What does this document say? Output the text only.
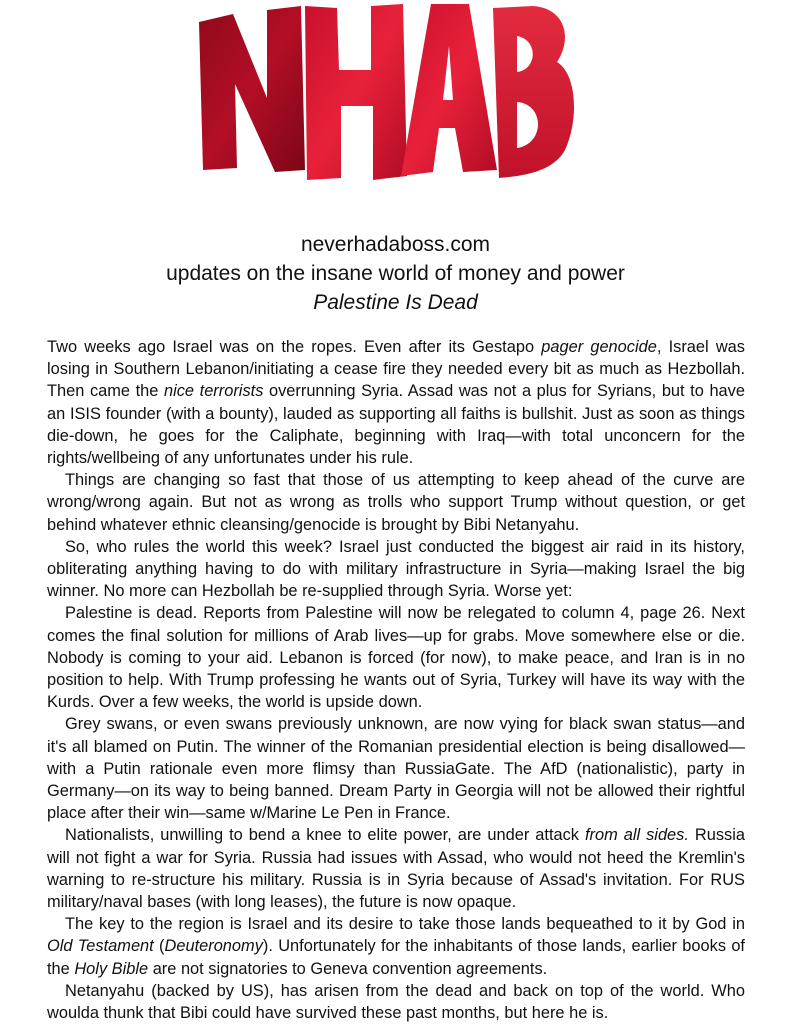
neverhadaboss.com
updates on the insane world of money and power
Palestine Is Dead

Two weeks ago Israel was on the ropes. Even after its Gestapo pager genocide, Israel was losing in Southern Lebanon/initiating a cease fire they needed every bit as much as Hezbollah. Then came the nice terrorists overrunning Syria. Assad was not a plus for Syrians, but to have an ISIS founder (with a bounty), lauded as supporting all faiths is bullshit. Just as soon as things die-down, he goes for the Caliphate, beginning with Iraq—with total unconcern for the rights/wellbeing of any unfortunates under his rule.

Things are changing so fast that those of us attempting to keep ahead of the curve are wrong/wrong again. But not as wrong as trolls who support Trump without question, or get behind whatever ethnic cleansing/genocide is brought by Bibi Netanyahu.

So, who rules the world this week? Israel just conducted the biggest air raid in its history, obliterating anything having to do with military infrastructure in Syria—making Israel the big winner. No more can Hezbollah be re-supplied through Syria. Worse yet:

Palestine is dead. Reports from Palestine will now be relegated to column 4, page 26. Next comes the final solution for millions of Arab lives—up for grabs. Move somewhere else or die. Nobody is coming to your aid. Lebanon is forced (for now), to make peace, and Iran is in no position to help. With Trump professing he wants out of Syria, Turkey will have its way with the Kurds. Over a few weeks, the world is upside down.

Grey swans, or even swans previously unknown, are now vying for black swan status—and it's all blamed on Putin. The winner of the Romanian presidential election is being disallowed—with a Putin rationale even more flimsy than RussiaGate. The AfD (nationalistic), party in Germany—on its way to being banned. Dream Party in Georgia will not be allowed their rightful place after their win—same w/Marine Le Pen in France.

Nationalists, unwilling to bend a knee to elite power, are under attack from all sides. Russia will not fight a war for Syria. Russia had issues with Assad, who would not heed the Kremlin's warning to re-structure his military. Russia is in Syria because of Assad's invitation. For RUS military/naval bases (with long leases), the future is now opaque.

The key to the region is Israel and its desire to take those lands bequeathed to it by God in Old Testament (Deuteronomy). Unfortunately for the inhabitants of those lands, earlier books of the Holy Bible are not signatories to Geneva convention agreements.

Netanyahu (backed by US), has arisen from the dead and back on top of the world. Who woulda thunk that Bibi could have survived these past months, but here he is.
